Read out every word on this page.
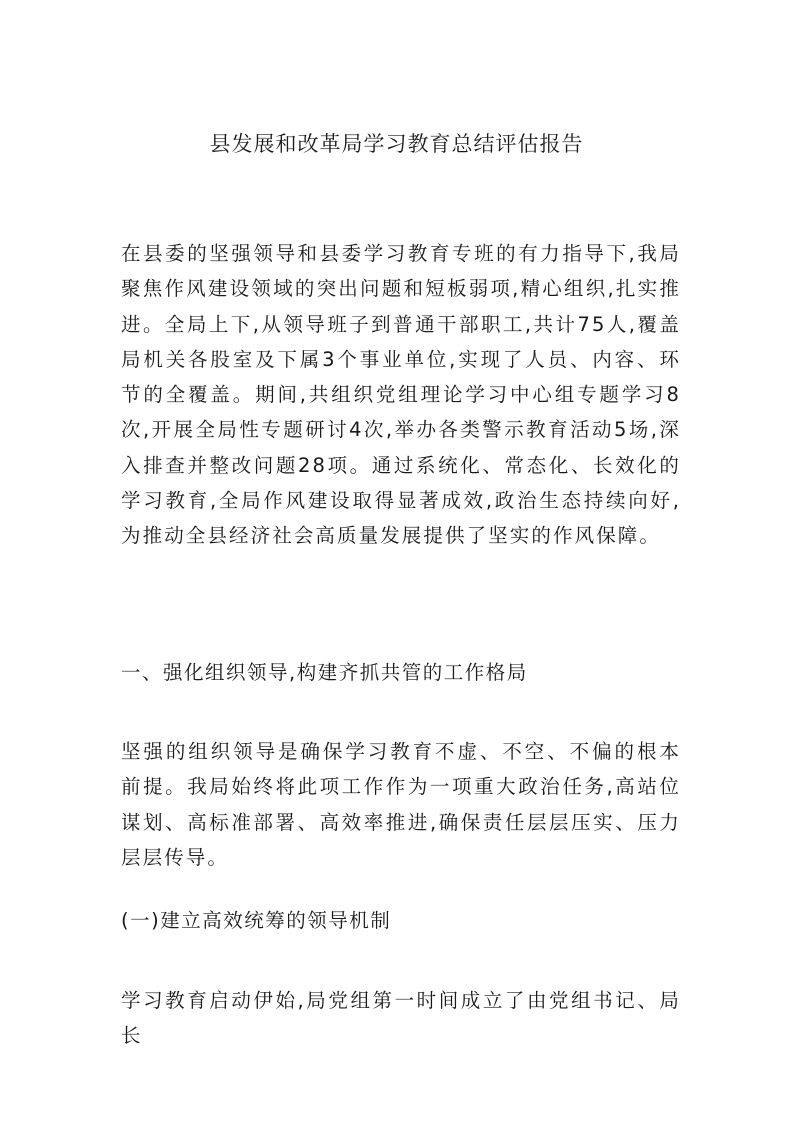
县发展和改革局学习教育总结评估报告

在县委的坚强领导和县委学习教育专班的有力指导下,我局聚焦作风建设领域的突出问题和短板弱项,精心组织,扎实推进。全局上下,从领导班子到普通干部职工,共计75人,覆盖局机关各股室及下属3个事业单位,实现了人员、内容、环节的全覆盖。期间,共组织党组理论学习中心组专题学习8次,开展全局性专题研讨4次,举办各类警示教育活动5场,深入排查并整改问题28项。通过系统化、常态化、长效化的学习教育,全局作风建设取得显著成效,政治生态持续向好,为推动全县经济社会高质量发展提供了坚实的作风保障。

一、强化组织领导,构建齐抓共管的工作格局

坚强的组织领导是确保学习教育不虚、不空、不偏的根本前提。我局始终将此项工作作为一项重大政治任务,高站位谋划、高标准部署、高效率推进,确保责任层层压实、压力层层传导。

(一)建立高效统筹的领导机制

学习教育启动伊始,局党组第一时间成立了由党组书记、局长
